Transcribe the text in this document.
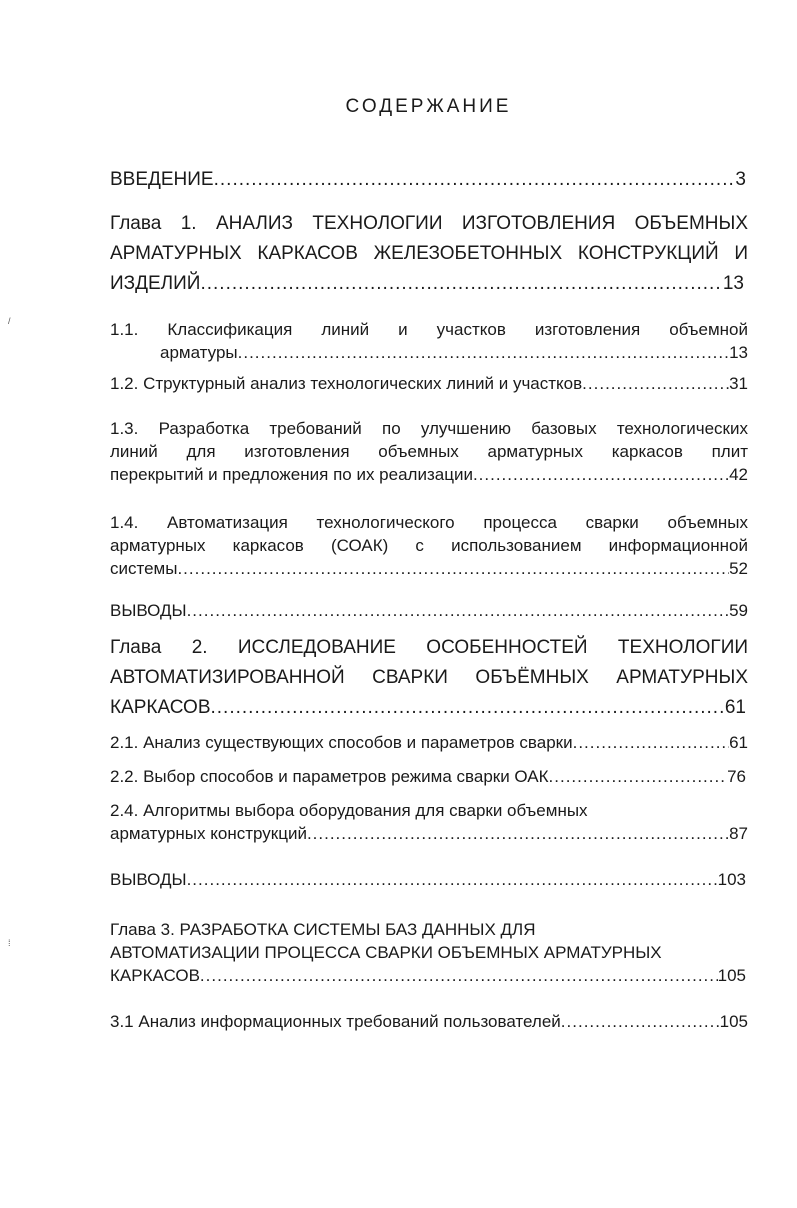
СОДЕРЖАНИЕ
ВВЕДЕНИЕ .....	3
Глава 1. АНАЛИЗ ТЕХНОЛОГИИ ИЗГОТОВЛЕНИЯ ОБЪЕМНЫХ
АРМАТУРНЫХ КАРКАСОВ ЖЕЛЕЗОБЕТОННЫХ КОНСТРУКЦИЙ И
ИЗДЕЛИЙ .....	13
1.1. Классификация линий и участков изготовления объемной
арматуры .....	13
1.2. Структурный анализ технологических линий и участков .....	31
1.3. Разработка требований по улучшению базовых технологических
линий для изготовления объемных арматурных каркасов плит
перекрытий и предложения по их реализации .....	42
1.4. Автоматизация технологического процесса сварки объемных
арматурных каркасов (СОАК) с использованием информационной
системы .....	52
ВЫВОДЫ .....	59
Глава 2. ИССЛЕДОВАНИЕ ОСОБЕННОСТЕЙ ТЕХНОЛОГИИ
АВТОМАТИЗИРОВАННОЙ СВАРКИ ОБЪЁМНЫХ АРМАТУРНЫХ
КАРКАСОВ .....	61
2.1. Анализ существующих способов и параметров сварки .....	61
2.2. Выбор способов и параметров режима сварки ОАК .....	76
2.4. Алгоритмы выбора оборудования для сварки объемных
арматурных конструкций .....	87
ВЫВОДЫ .....	103
Глава 3. РАЗРАБОТКА СИСТЕМЫ БАЗ ДАННЫХ ДЛЯ
АВТОМАТИЗАЦИИ ПРОЦЕССА СВАРКИ ОБЪЕМНЫХ АРМАТУРНЫХ
КАРКАСОВ .....	105
3.1 Анализ информационных требований пользователей .....	105
/
⁞
